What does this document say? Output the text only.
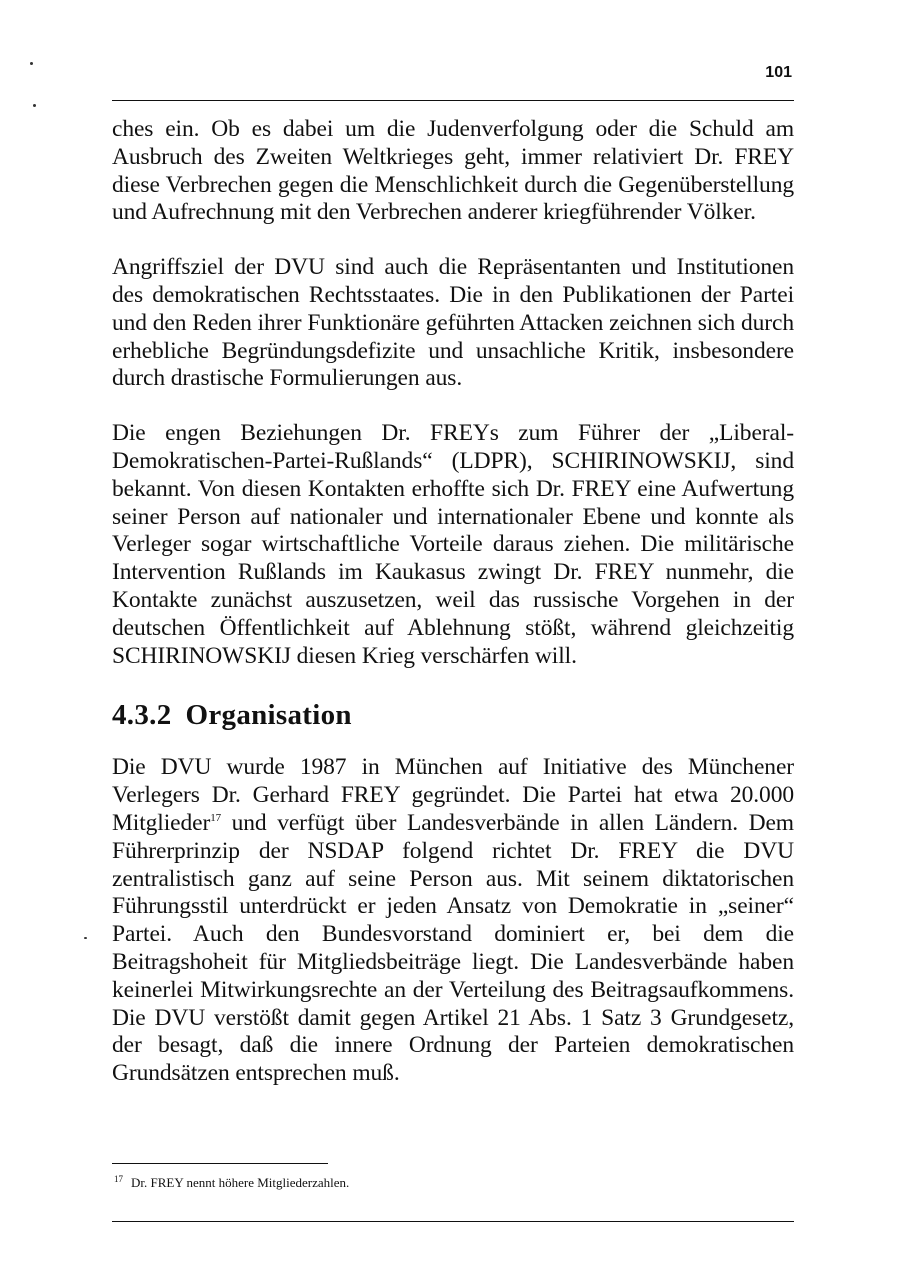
101

ches ein. Ob es dabei um die Judenverfolgung oder die Schuld am Ausbruch des Zweiten Weltkrieges geht, immer relativiert Dr. FREY diese Verbrechen gegen die Menschlichkeit durch die Gegenüberstellung und Aufrechnung mit den Verbrechen anderer kriegführender Völker.

Angriffsziel der DVU sind auch die Repräsentanten und Institutionen des demokratischen Rechtsstaates. Die in den Publikationen der Partei und den Reden ihrer Funktionäre geführten Attacken zeichnen sich durch erhebliche Begründungsdefizite und unsachliche Kritik, insbesondere durch drastische Formulierungen aus.

Die engen Beziehungen Dr. FREYs zum Führer der „Liberal-Demokratischen-Partei-Rußlands“ (LDPR), SCHIRINOWSKIJ, sind bekannt. Von diesen Kontakten erhoffte sich Dr. FREY eine Aufwertung seiner Person auf nationaler und internationaler Ebene und konnte als Verleger sogar wirtschaftliche Vorteile daraus ziehen. Die militärische Intervention Rußlands im Kaukasus zwingt Dr. FREY nunmehr, die Kontakte zunächst auszusetzen, weil das russische Vorgehen in der deutschen Öffentlichkeit auf Ablehnung stößt, während gleichzeitig SCHIRINOWSKIJ diesen Krieg verschärfen will.

4.3.2 Organisation

Die DVU wurde 1987 in München auf Initiative des Münchener Verlegers Dr. Gerhard FREY gegründet. Die Partei hat etwa 20.000 Mitglieder$^{17}$ und verfügt über Landesverbände in allen Ländern. Dem Führerprinzip der NSDAP folgend richtet Dr. FREY die DVU zentralistisch ganz auf seine Person aus. Mit seinem diktatorischen Führungsstil unterdrückt er jeden Ansatz von Demokratie in „seiner“ Partei. Auch den Bundesvorstand dominiert er, bei dem die Beitragshoheit für Mitgliedsbeiträge liegt. Die Landesverbände haben keinerlei Mitwirkungsrechte an der Verteilung des Beitragsaufkommens. Die DVU verstößt damit gegen Artikel 21 Abs. 1 Satz 3 Grundgesetz, der besagt, daß die innere Ordnung der Parteien demokratischen Grundsätzen entsprechen muß.

$^{17}$ Dr. FREY nennt höhere Mitgliederzahlen.
